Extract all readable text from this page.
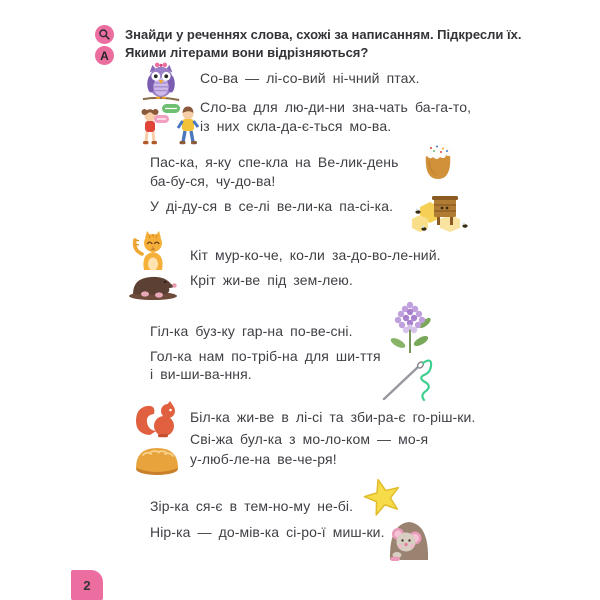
А
Знайди у реченнях слова, схожі за написанням. Підкресли їх.
Якими літерами вони відрізняються?
Со-ва — лі-со-вий ні-чний птах.
Сло-ва для лю-ди-ни зна-чать ба-га-то,
із них скла-да-є-ться мо-ва.
Пас-ка, я-ку спе-кла на Ве-лик-день
ба-бу-ся, чу-до-ва!
У ді-ду-ся в се-лі ве-ли-ка па-сі-ка.
Кіт мур-ко-че, ко-ли за-до-во-ле-ний.
Кріт жи-ве під зем-лею.
Гіл-ка буз-ку гар-на по-ве-сні.
Гол-ка нам по-тріб-на для ши-ття
і ви-ши-ва-ння.
Біл-ка жи-ве в лі-сі та зби-ра-є го-ріш-ки.
Сві-жа бул-ка з мо-ло-ком — мо-я
у-люб-ле-на ве-че-ря!
Зір-ка ся-є в тем-но-му не-бі.
Нір-ка — до-мів-ка сі-ро-ї миш-ки.
2
